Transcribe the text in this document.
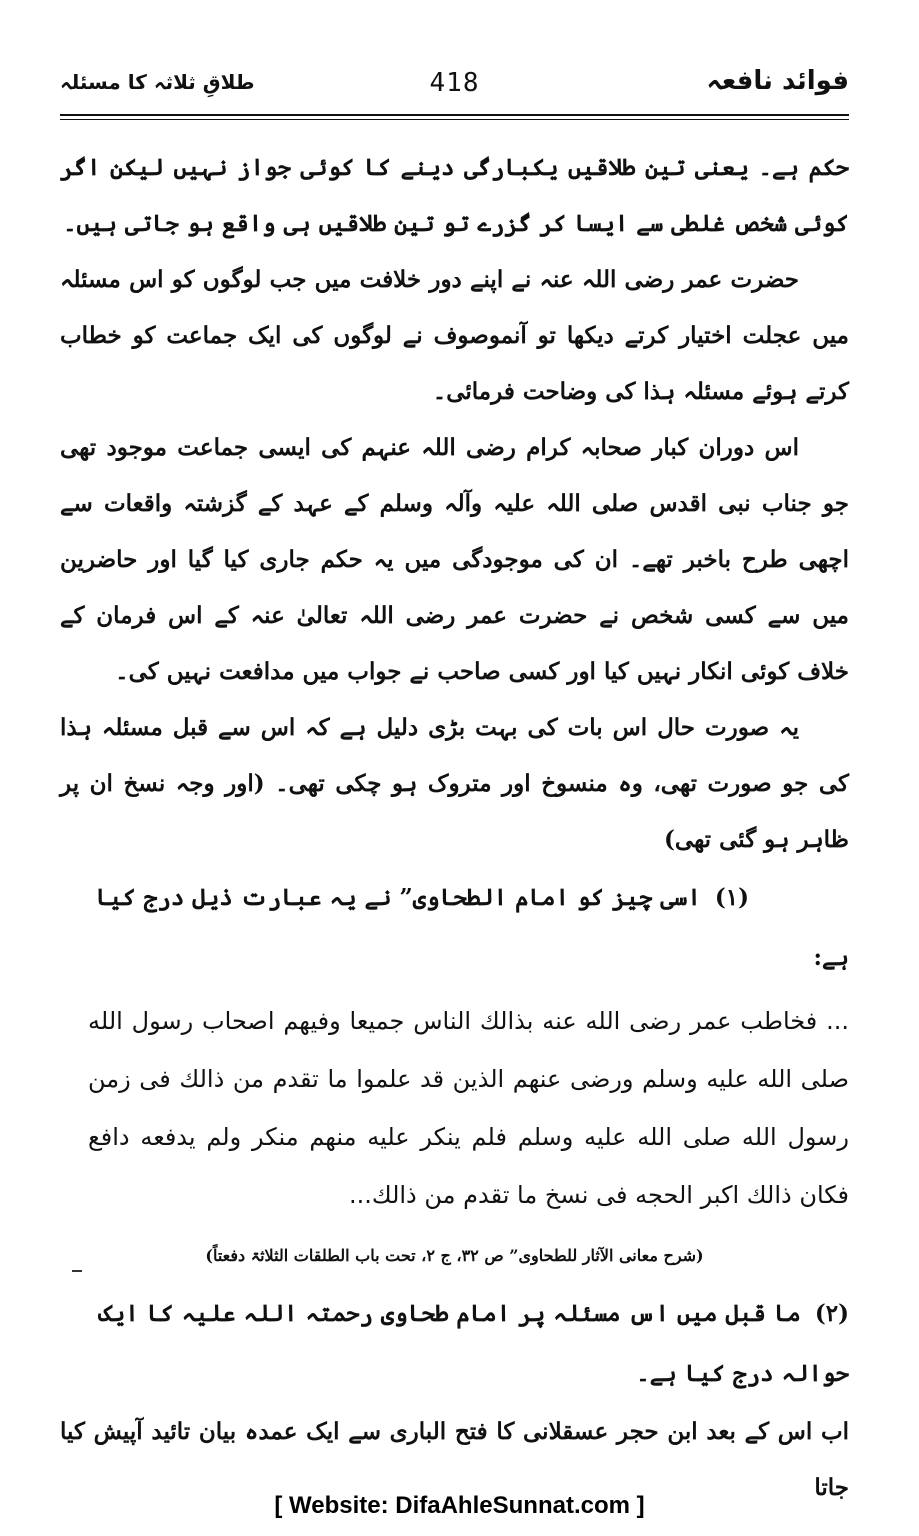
طلاقِ ثلاثہ کا مسئلہ	418	فوائد نافعہ

حکم ہے۔ یعنی تین طلاقیں یکبارگی دینے کا کوئی جواز نہیں لیکن اگر کوئی شخص غلطی سے ایسا کر گزرے تو تین طلاقیں ہی واقع ہو جاتی ہیں۔

حضرت عمر رضی اللہ عنہ نے اپنے دور خلافت میں جب لوگوں کو اس مسئلہ میں عجلت اختیار کرتے دیکھا تو آنموصوف نے لوگوں کی ایک جماعت کو خطاب کرتے ہوئے مسئلہ ہذا کی وضاحت فرمائی۔

اس دوران کبار صحابہ کرام رضی اللہ عنہم کی ایسی جماعت موجود تھی جو جناب نبی اقدس صلی اللہ علیہ وآلہ وسلم کے عہد کے گزشتہ واقعات سے اچھی طرح باخبر تھے۔ ان کی موجودگی میں یہ حکم جاری کیا گیا اور حاضرین میں سے کسی شخص نے حضرت عمر رضی اللہ تعالیٰ عنہ کے اس فرمان کے خلاف کوئی انکار نہیں کیا اور کسی صاحب نے جواب میں مدافعت نہیں کی۔

یہ صورت حال اس بات کی بہت بڑی دلیل ہے کہ اس سے قبل مسئلہ ہذا کی جو صورت تھی، وہ منسوخ اور متروک ہو چکی تھی۔ (اور وجہ نسخ ان پر ظاہر ہو گئی تھی)

(۱)اسی چیز کو امام الطحاوی” نے یہ عبارت ذیل درج کیا ہے:

... فخاطب عمر رضی الله عنه بذالك الناس جميعا وفيهم اصحاب رسول الله صلى الله عليه وسلم ورضى عنهم الذين قد علموا ما تقدم من ذالك فى زمن رسول الله صلى الله عليه وسلم فلم ينكر عليه منهم منكر ولم يدفعه دافع فكان ذالك اكبر الحجه فى نسخ ما تقدم من ذالك...

(شرح معانی الآثار للطحاوی” ص ۳۲، ج ۲، تحت باب الطلقات الثلاثۃ دفعتاً)

(۲)ما قبل میں اس مسئلہ پر امام طحاوی رحمتہ اللہ علیہ کا ایک حوالہ درج کیا ہے۔

اب اس کے بعد ابن حجر عسقلانی کا فتح الباری سے ایک عمدہ بیان تائید آپیش کیا جاتا

[ Website: DifaAhleSunnat.com ]
